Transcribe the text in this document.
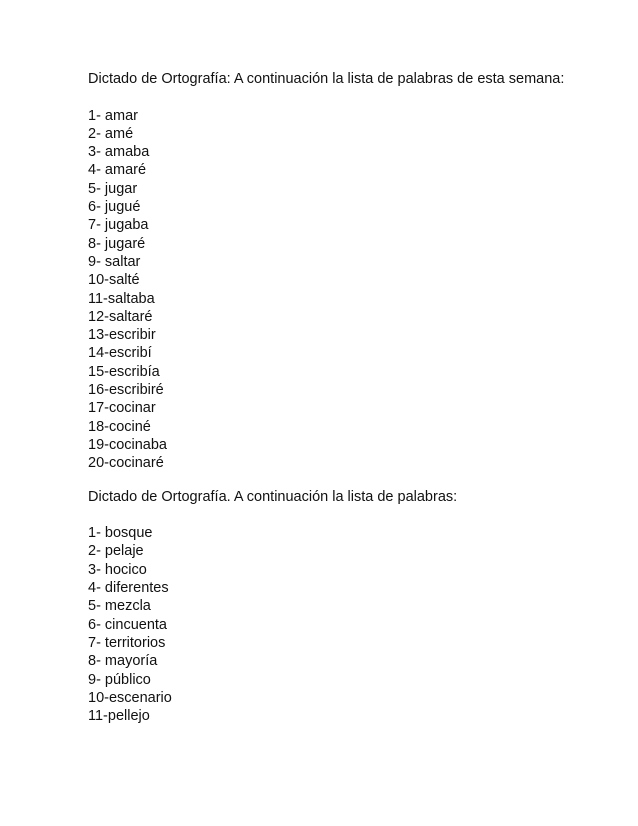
Dictado de Ortografía: A continuación la lista de palabras de esta semana:

1- amar
2- amé
3- amaba
4- amaré
5- jugar
6- jugué
7- jugaba
8- jugaré
9- saltar
10-salté
11-saltaba
12-saltaré
13-escribir
14-escribí
15-escribía
16-escribiré
17-cocinar
18-cociné
19-cocinaba
20-cocinaré

Dictado de Ortografía. A continuación la lista de palabras:

1- bosque
2- pelaje
3- hocico
4- diferentes
5- mezcla
6- cincuenta
7- territorios
8- mayoría
9- público
10-escenario
11-pellejo
